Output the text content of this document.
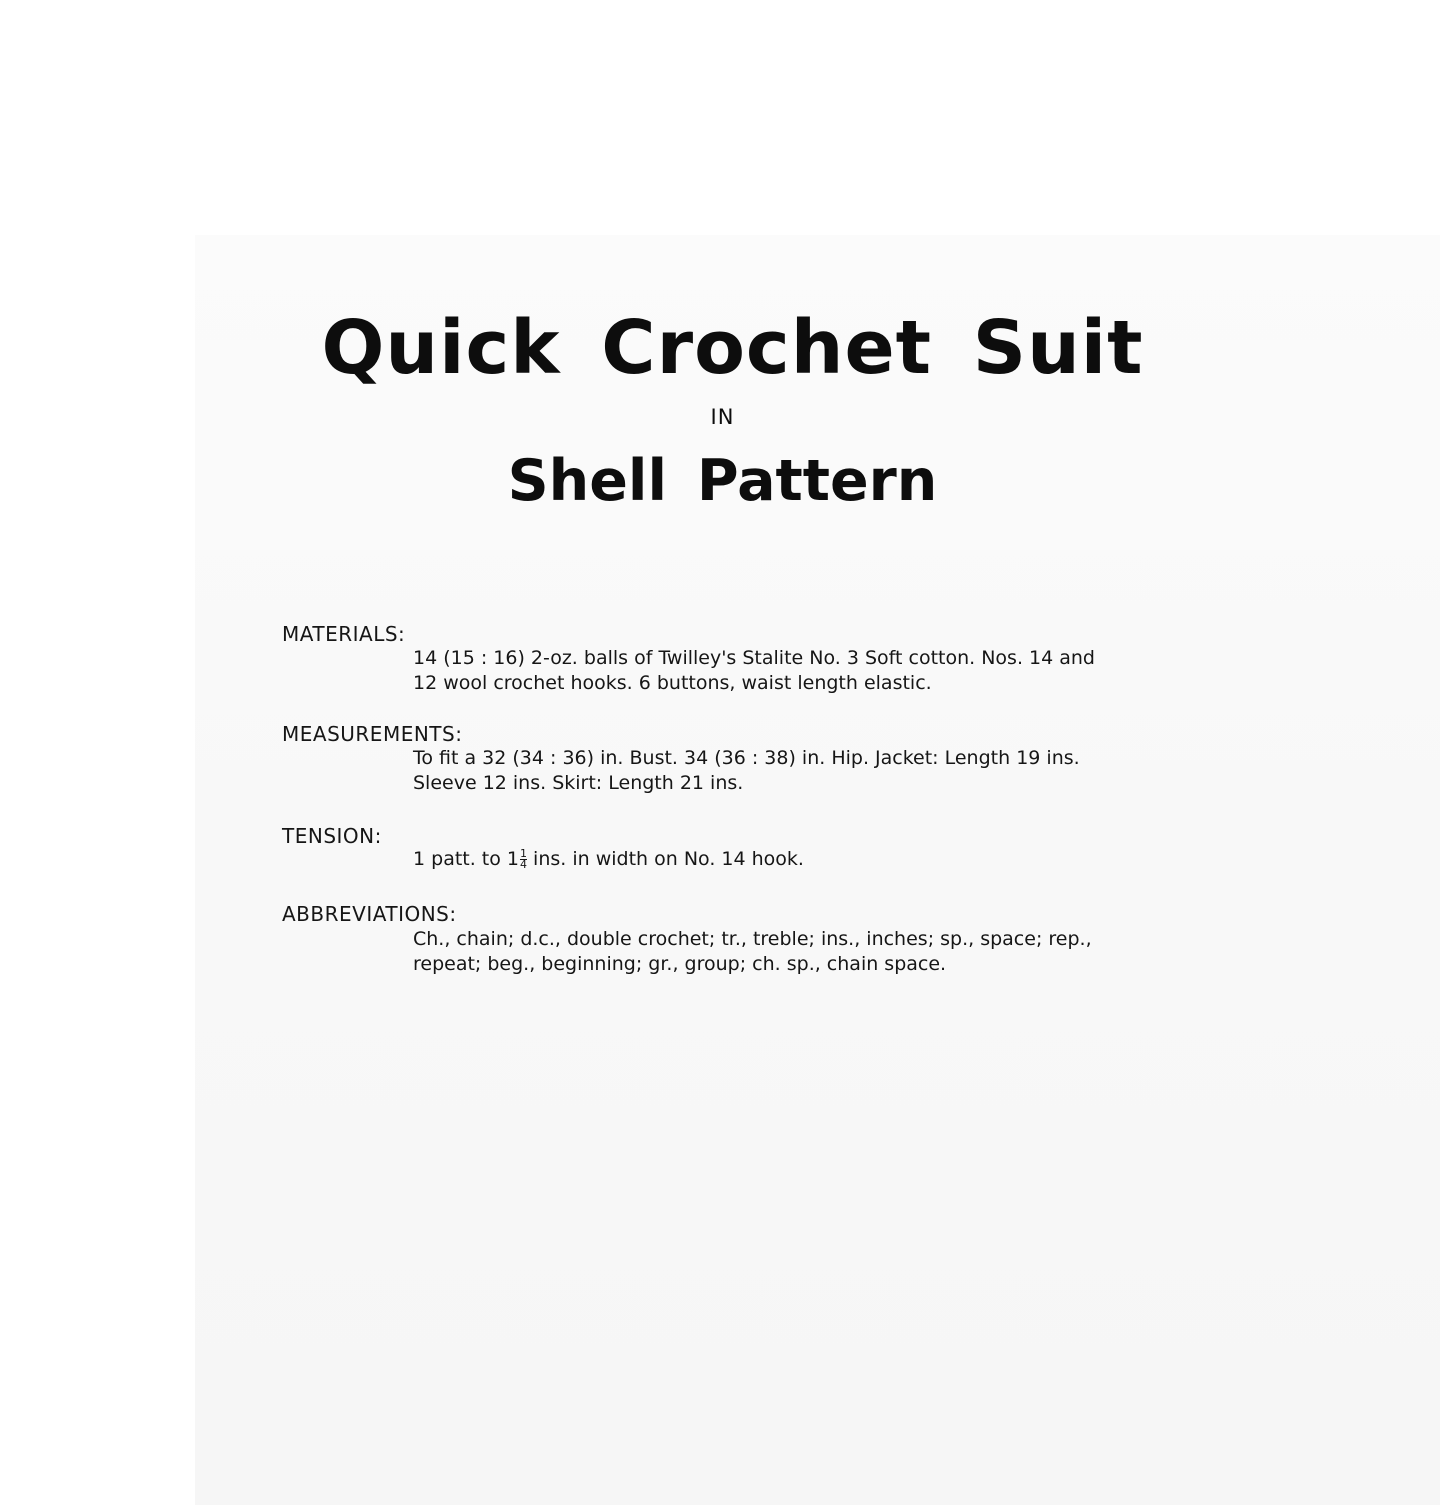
Quick Crochet Suit
IN
Shell Pattern
MATERIALS:
14 (15 : 16) 2-oz. balls of Twilley's Stalite No. 3 Soft cotton. Nos. 14 and
12 wool crochet hooks. 6 buttons, waist length elastic.
MEASUREMENTS:
To fit a 32 (34 : 36) in. Bust. 34 (36 : 38) in. Hip. Jacket: Length 19 ins.
Sleeve 12 ins. Skirt: Length 21 ins.
TENSION:
1 patt. to $1 \frac{1}{4}$ ins. in width on No. 14 hook.
ABBREVIATIONS:
Ch., chain; d.c., double crochet; tr., treble; ins., inches; sp., space; rep.,
repeat; beg., beginning; gr., group; ch. sp., chain space.
